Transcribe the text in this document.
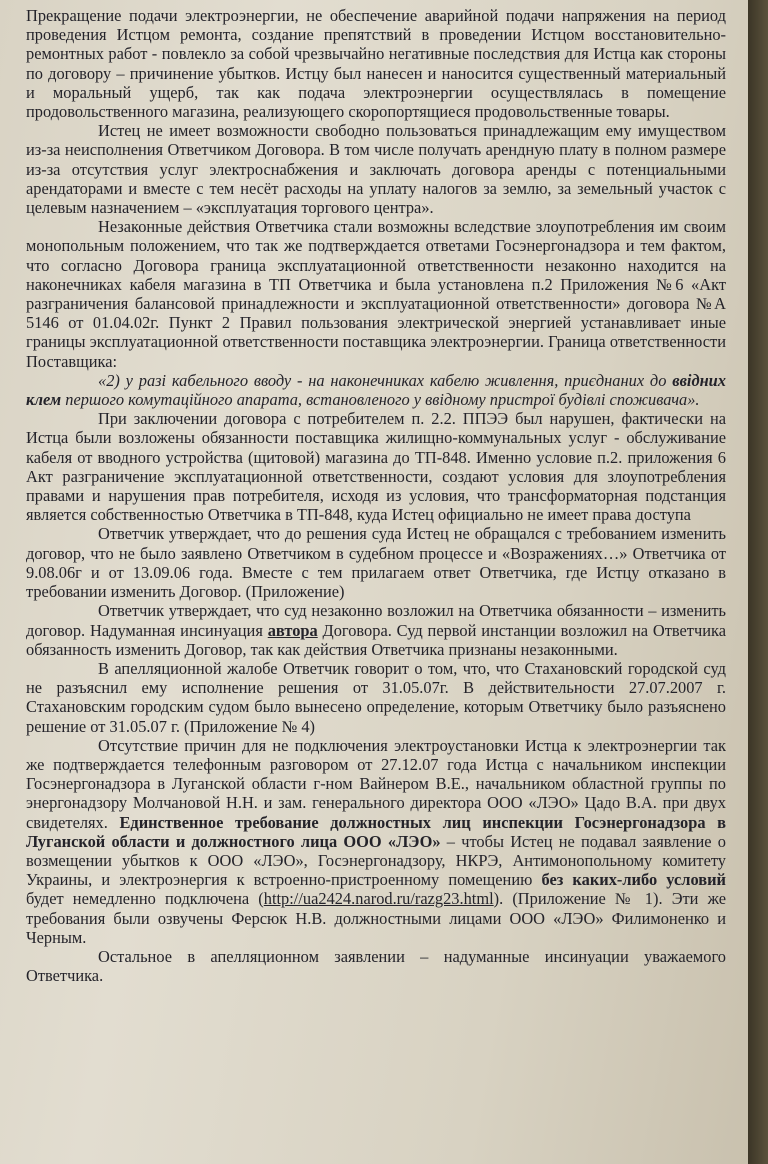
Прекращение подачи электроэнергии, не обеспечение аварийной подачи напряжения на период проведения Истцом ремонта, создание препятствий в проведении Истцом восстановительно-ремонтных работ - повлекло за собой чрезвычайно негативные последствия для Истца как стороны по договору – причинение убытков. Истцу был нанесен и наносится существенный материальный и моральный ущерб, так как подача электроэнергии осуществлялась в помещение продовольственного магазина, реализующего скоропортящиеся продовольственные товары.

Истец не имеет возможности свободно пользоваться принадлежащим ему имуществом из-за неисполнения Ответчиком Договора. В том числе получать арендную плату в полном размере из-за отсутствия услуг электроснабжения и заключать договора аренды с потенциальными арендаторами и вместе с тем несёт расходы на уплату налогов за землю, за земельный участок с целевым назначением – «эксплуатация торгового центра».

Незаконные действия Ответчика стали возможны вследствие злоупотребления им своим монопольным положением, что так же подтверждается ответами Госэнергонадзора и тем фактом, что согласно Договора граница эксплуатационной ответственности незаконно находится на наконечниках кабеля магазина в ТП Ответчика и была установлена п.2 Приложения №6 «Акт разграничения балансовой принадлежности и эксплуатационной ответственности» договора №А 5146 от 01.04.02г. Пункт 2 Правил пользования электрической энергией устанавливает иные границы эксплуатационной ответственности поставщика электроэнергии. Граница ответственности Поставщика:

«2) у разі кабельного вводу - на наконечниках кабелю живлення, приєднаних до ввідних клем першого комутаційного апарата, встановленого у ввідному пристрої будівлі споживача».

При заключении договора с потребителем п. 2.2. ППЭЭ был нарушен, фактически на Истца были возложены обязанности поставщика жилищно-коммунальных услуг - обслуживание кабеля от вводного устройства (щитовой) магазина до ТП-848. Именно условие п.2. приложения 6 Акт разграничение эксплуатационной ответственности, создают условия для злоупотребления правами и нарушения прав потребителя, исходя из условия, что трансформаторная подстанция является собственностью Ответчика в ТП-848, куда Истец официально не имеет права доступа

Ответчик утверждает, что до решения суда Истец не обращался с требованием изменить договор, что не было заявлено Ответчиком в судебном процессе и «Возражениях…» Ответчика от 9.08.06г и от 13.09.06 года. Вместе с тем прилагаем ответ Ответчика, где Истцу отказано в требовании изменить Договор. (Приложение)

Ответчик утверждает, что суд незаконно возложил на Ответчика обязанности – изменить договор. Надуманная инсинуация автора Договора. Суд первой инстанции возложил на Ответчика обязанность изменить Договор, так как действия Ответчика признаны незаконными.

В апелляционной жалобе Ответчик говорит о том, что, что Стахановский городской суд не разъяснил ему исполнение решения от 31.05.07г. В действительности 27.07.2007 г. Стахановским городским судом было вынесено определение, которым Ответчику было разъяснено решение от 31.05.07 г. (Приложение № 4)

Отсутствие причин для не подключения электроустановки Истца к электроэнергии так же подтверждается телефонным разговором от 27.12.07 года Истца с начальником инспекции Госэнергонадзора в Луганской области г-ном Вайнером В.Е., начальником областной группы по энергонадзору Молчановой Н.Н. и зам. генерального директора ООО «ЛЭО» Цадо В.А. при двух свидетелях. Единственное требование должностных лиц инспекции Госэнергонадзора в Луганской области и должностного лица ООО «ЛЭО» – чтобы Истец не подавал заявление о возмещении убытков к ООО «ЛЭО», Госэнергонадзору, НКРЭ, Антимонопольному комитету Украины, и электроэнергия к встроенно-пристроенному помещению без каких-либо условий будет немедленно подключена (http://ua2424.narod.ru/razg23.html). (Приложение № 1). Эти же требования были озвучены Ферсюк Н.В. должностными лицами ООО «ЛЭО» Филимоненко и Черным.

Остальное в апелляционном заявлении – надуманные инсинуации уважаемого Ответчика.
